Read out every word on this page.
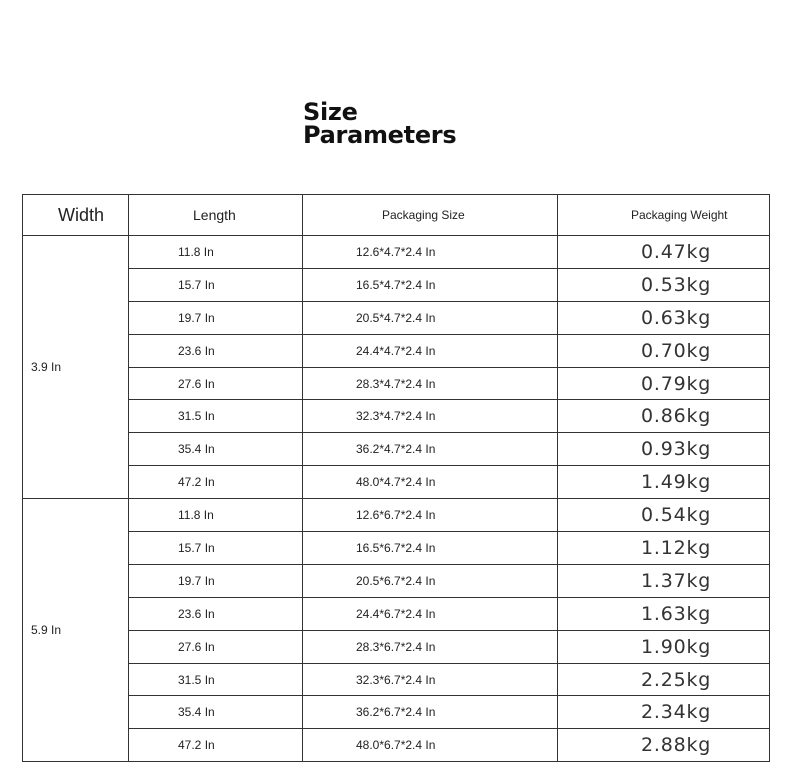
Size
Parameters
Width	Length	Packaging Size	Packaging Weight
3.9 In	11.8 In	12.6*4.7*2.4 In	0.47kg
	15.7 In	16.5*4.7*2.4 In	0.53kg
	19.7 In	20.5*4.7*2.4 In	0.63kg
	23.6 In	24.4*4.7*2.4 In	0.70kg
	27.6 In	28.3*4.7*2.4 In	0.79kg
	31.5 In	32.3*4.7*2.4 In	0.86kg
	35.4 In	36.2*4.7*2.4 In	0.93kg
	47.2 In	48.0*4.7*2.4 In	1.49kg
5.9 In	11.8 In	12.6*6.7*2.4 In	0.54kg
	15.7 In	16.5*6.7*2.4 In	1.12kg
	19.7 In	20.5*6.7*2.4 In	1.37kg
	23.6 In	24.4*6.7*2.4 In	1.63kg
	27.6 In	28.3*6.7*2.4 In	1.90kg
	31.5 In	32.3*6.7*2.4 In	2.25kg
	35.4 In	36.2*6.7*2.4 In	2.34kg
	47.2 In	48.0*6.7*2.4 In	2.88kg
